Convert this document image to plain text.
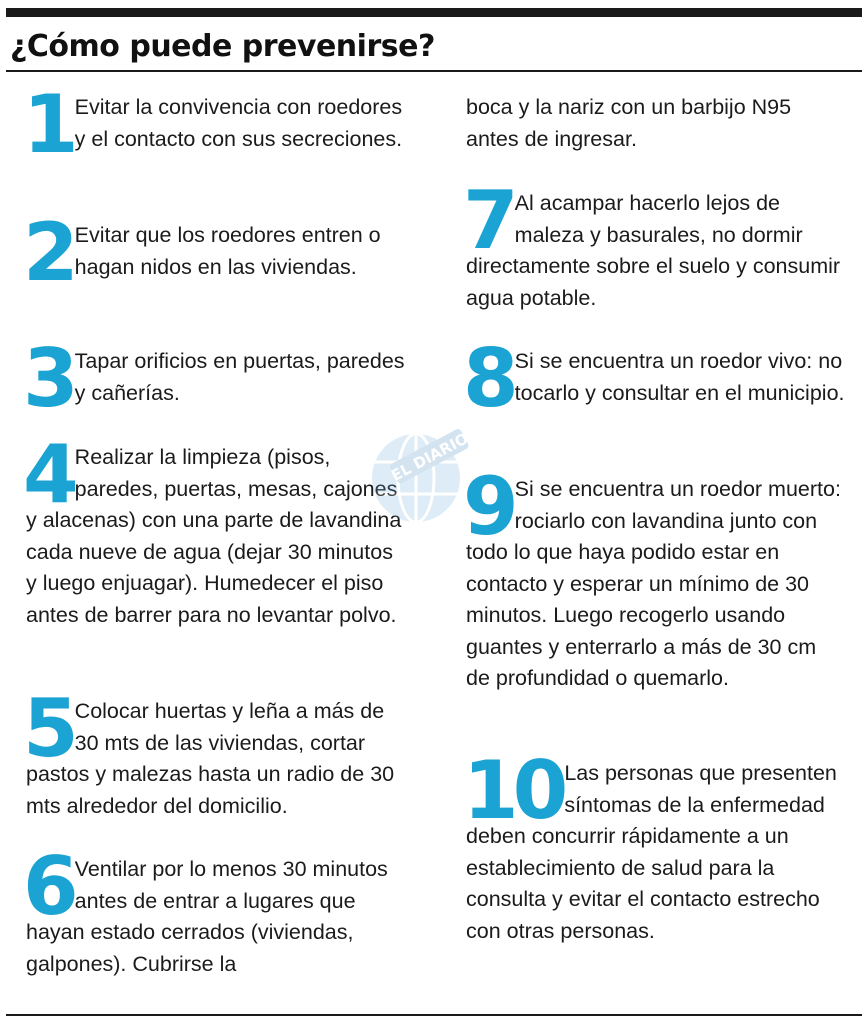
¿Cómo puede prevenirse?

1 Evitar la convivencia con roedores y el contacto con sus secreciones.

2 Evitar que los roedores entren o hagan nidos en las viviendas.

3 Tapar orificios en puertas, paredes y cañerías.

4 Realizar la limpieza (pisos, paredes, puertas, mesas, cajones y alacenas) con una parte de lavandina cada nueve de agua (dejar 30 minutos y luego enjuagar). Humedecer el piso antes de barrer para no levantar polvo.

5 Colocar huertas y leña a más de 30 mts de las viviendas, cortar pastos y malezas hasta un radio de 30 mts alrededor del domicilio.

6 Ventilar por lo menos 30 minutos antes de entrar a lugares que hayan estado cerrados (viviendas, galpones). Cubrirse la

boca y la nariz con un barbijo N95 antes de ingresar.

7 Al acampar hacerlo lejos de maleza y basurales, no dormir directamente sobre el suelo y consumir agua potable.

8 Si se encuentra un roedor vivo: no tocarlo y consultar en el municipio.

9 Si se encuentra un roedor muerto: rociarlo con lavandina junto con todo lo que haya podido estar en contacto y esperar un mínimo de 30 minutos. Luego recogerlo usando guantes y enterrarlo a más de 30 cm de profundidad o quemarlo.

10 Las personas que presenten síntomas de la enfermedad deben concurrir rápidamente a un establecimiento de salud para la consulta y evitar el contacto estrecho con otras personas.

EL DIARIO
